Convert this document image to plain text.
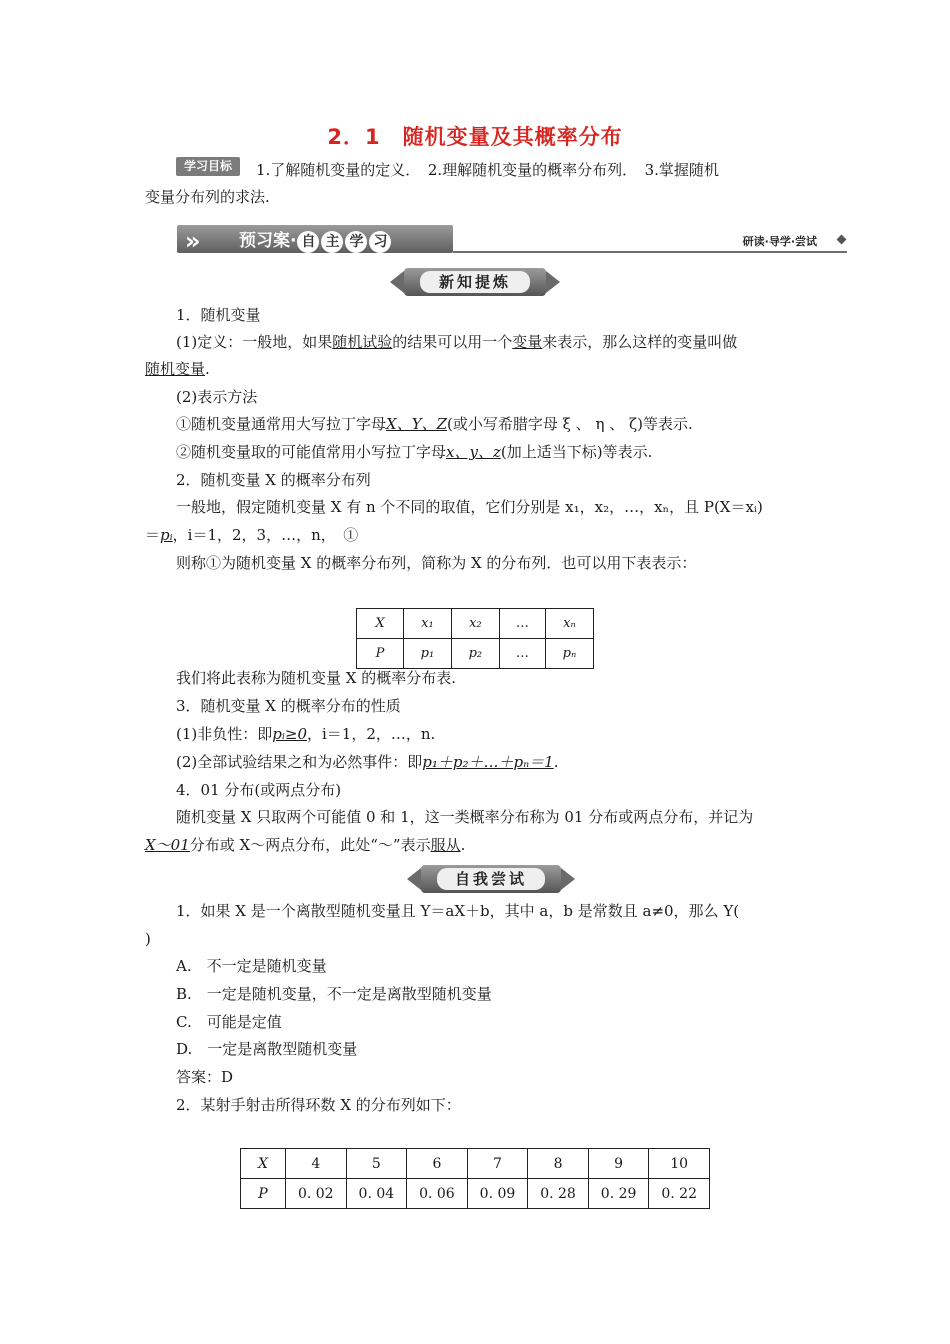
2．1　随机变量及其概率分布
学习目标	1.了解随机变量的定义．　2.理解随机变量的概率分布列．　3.掌握随机
变量分布列的求法.
» 预习案· 自 主 学 习	研读·导学·尝试
新知提炼
1．随机变量
(1)定义：一般地，如果随机试验的结果可以用一个变量来表示，那么这样的变量叫做
随机变量.
(2)表示方法
①随机变量通常用大写拉丁字母X、Y、Z(或小写希腊字母 ξ 、 η 、 ζ)等表示.
②随机变量取的可能值常用小写拉丁字母x、y、z(加上适当下标)等表示.
2．随机变量 X 的概率分布列
一般地，假定随机变量 X 有 n 个不同的取值，它们分别是 x₁，x₂，…，xₙ，且 P(X＝xᵢ)
＝pᵢ，i＝1，2，3，…，n，　①
则称①为随机变量 X 的概率分布列，简称为 X 的分布列．也可以用下表表示：
X	x₁	x₂	…	xₙ
P	p₁	p₂	…	pₙ
我们将此表称为随机变量 X 的概率分布表.
3．随机变量 X 的概率分布的性质
(1)非负性：即pᵢ≥0，i＝1，2，…，n.
(2)全部试验结果之和为必然事件：即p₁＋p₂＋…＋pₙ＝1.
4．01 分布(或两点分布)
随机变量 X 只取两个可能值 0 和 1，这一类概率分布称为 01 分布或两点分布，并记为
X～01分布或 X～两点分布，此处“～”表示服从.
自我尝试
1．如果 X 是一个离散型随机变量且 Y＝aX＋b，其中 a，b 是常数且 a≠0，那么 Y(
)
A.　不一定是随机变量
B.　一定是随机变量，不一定是离散型随机变量
C.　可能是定值
D.　一定是离散型随机变量
答案：D
2．某射手射击所得环数 X 的分布列如下：
X	4	5	6	7	8	9	10
P	0. 02	0. 04	0. 06	0. 09	0. 28	0. 29	0. 22
